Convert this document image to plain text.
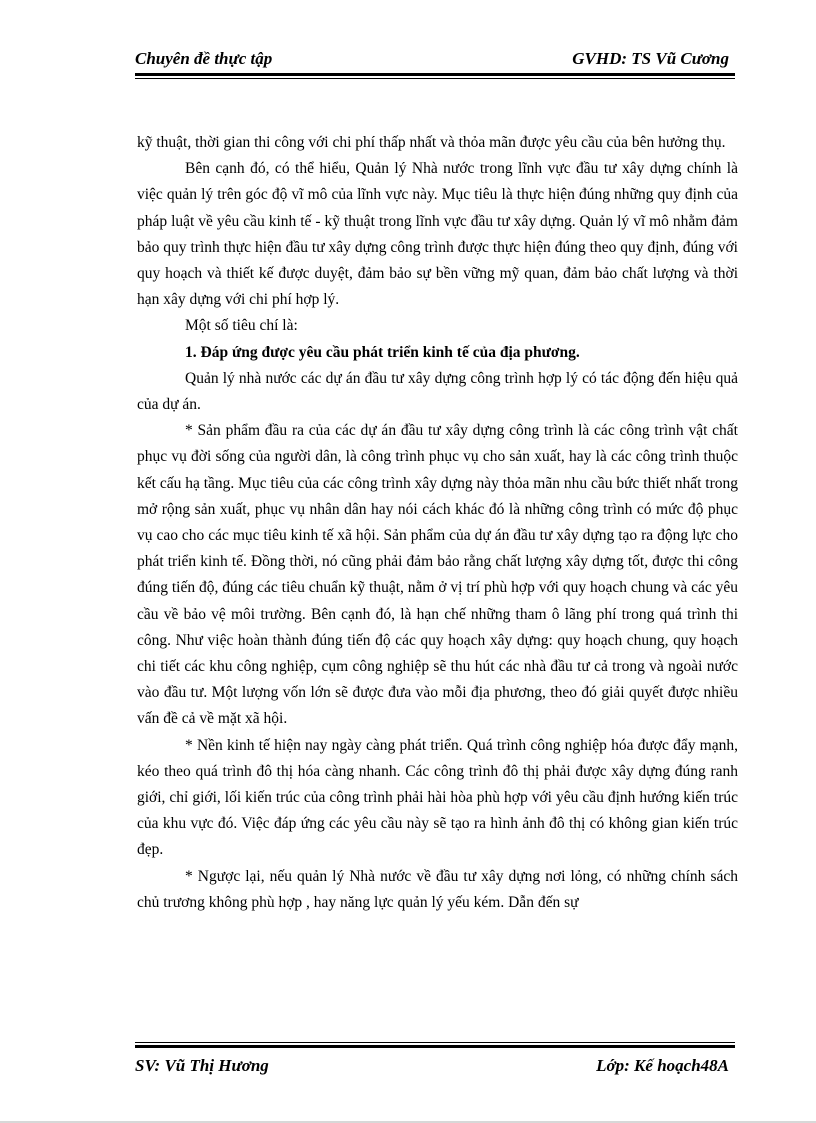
Chuyên đề thực tập	GVHD: TS Vũ Cương

kỹ thuật, thời gian thi công với chi phí thấp nhất và thỏa mãn được yêu cầu của bên hưởng thụ.

Bên cạnh đó, có thể hiểu, Quản lý Nhà nước trong lĩnh vực đầu tư xây dựng chính là việc quản lý trên góc độ vĩ mô của lĩnh vực này. Mục tiêu là thực hiện đúng những quy định của pháp luật về yêu cầu kinh tế - kỹ thuật trong lĩnh vực đầu tư xây dựng. Quản lý vĩ mô nhằm đảm bảo quy trình thực hiện đầu tư xây dựng công trình được thực hiện đúng theo quy định, đúng với quy hoạch và thiết kế được duyệt, đảm bảo sự bền vững mỹ quan, đảm bảo chất lượng và thời hạn xây dựng với chi phí hợp lý.

Một số tiêu chí là:

1. Đáp ứng được yêu cầu phát triển kinh tế của địa phương.

Quản lý nhà nước các dự án đầu tư xây dựng công trình hợp lý có tác động đến hiệu quả của dự án.

* Sản phẩm đầu ra của các dự án đầu tư xây dựng công trình là các công trình vật chất phục vụ đời sống của người dân, là công trình phục vụ cho sản xuất, hay là các công trình thuộc kết cấu hạ tầng. Mục tiêu của các công trình xây dựng này thỏa mãn nhu cầu bức thiết nhất trong mở rộng sản xuất, phục vụ nhân dân hay nói cách khác đó là những công trình có mức độ phục vụ cao cho các mục tiêu kinh tế xã hội. Sản phẩm của dự án đầu tư xây dựng tạo ra động lực cho phát triển kinh tế. Đồng thời, nó cũng phải đảm bảo rằng chất lượng xây dựng tốt, được thi công đúng tiến độ, đúng các tiêu chuẩn kỹ thuật, nằm ở vị trí phù hợp với quy hoạch chung và các yêu cầu về bảo vệ môi trường. Bên cạnh đó, là hạn chế những tham ô lãng phí trong quá trình thi công. Như việc hoàn thành đúng tiến độ các quy hoạch xây dựng: quy hoạch chung, quy hoạch chi tiết các khu công nghiệp, cụm công nghiệp sẽ thu hút các nhà đầu tư cả trong và ngoài nước vào đầu tư. Một lượng vốn lớn sẽ được đưa vào mỗi địa phương, theo đó giải quyết được nhiều vấn đề cả về mặt xã hội.

* Nền kinh tế hiện nay ngày càng phát triển. Quá trình công nghiệp hóa được đẩy mạnh, kéo theo quá trình đô thị hóa càng nhanh. Các công trình đô thị phải được xây dựng đúng ranh giới, chỉ giới, lối kiến trúc của công trình phải hài hòa phù hợp với yêu cầu định hướng kiến trúc của khu vực đó. Việc đáp ứng các yêu cầu này sẽ tạo ra hình ảnh đô thị có không gian kiến trúc đẹp.

* Ngược lại, nếu quản lý Nhà nước về đầu tư xây dựng nơi lỏng, có những chính sách chủ trương không phù hợp , hay năng lực quản lý yếu kém. Dẫn đến sự

SV: Vũ Thị Hương	Lớp: Kế hoạch48A
